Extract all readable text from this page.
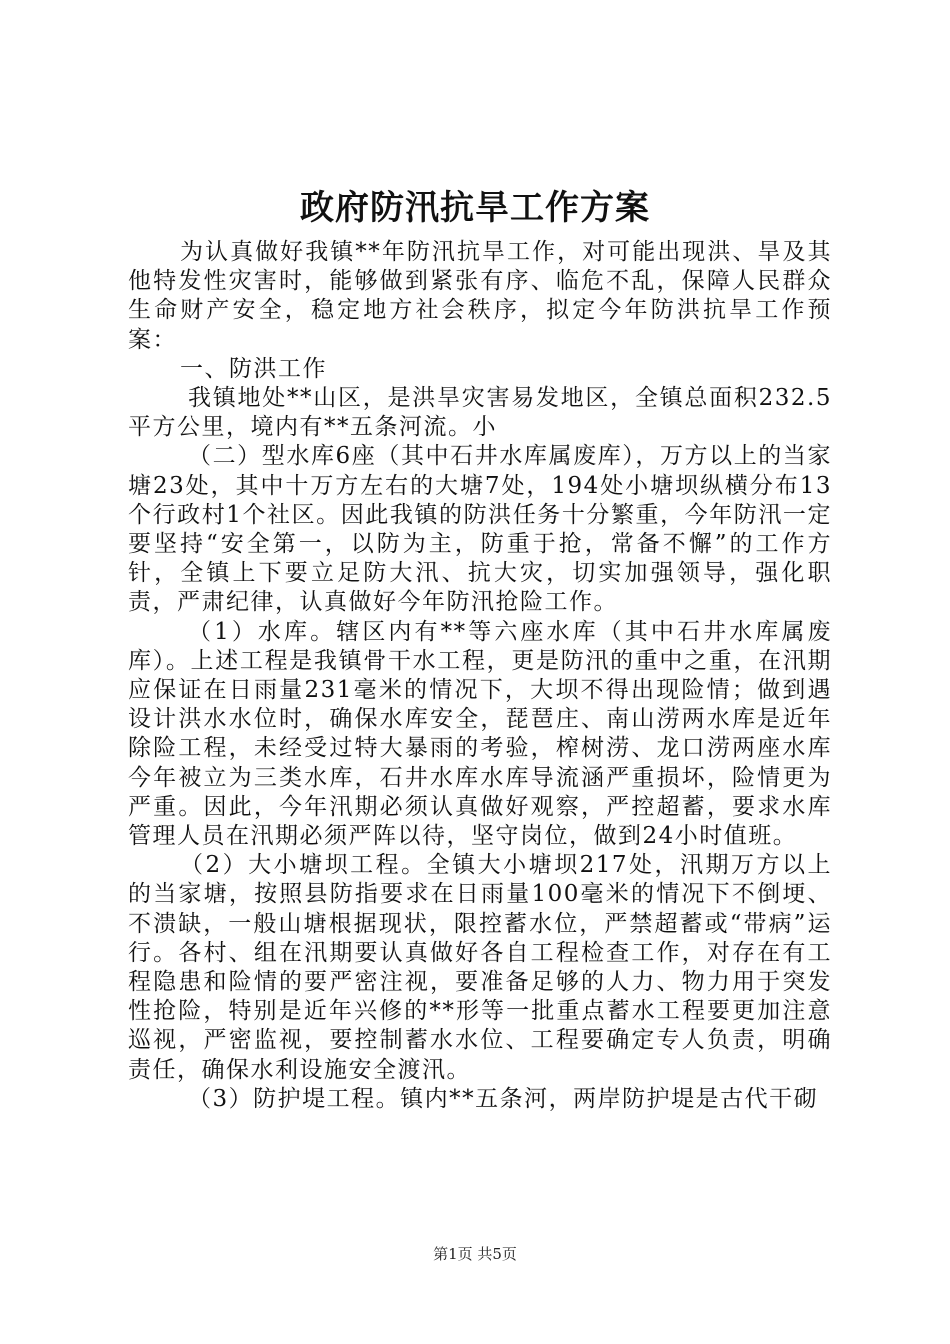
政府防汛抗旱工作方案

为认真做好我镇**年防汛抗旱工作，对可能出现洪、旱及其他特发性灾害时，能够做到紧张有序、临危不乱，保障人民群众生命财产安全，稳定地方社会秩序，拟定今年防洪抗旱工作预案：

一、防洪工作

我镇地处**山区，是洪旱灾害易发地区，全镇总面积232.5平方公里，境内有**五条河流。小

（二）型水库6座（其中石井水库属废库），万方以上的当家塘23处，其中十万方左右的大塘7处，194处小塘坝纵横分布13个行政村1个社区。因此我镇的防洪任务十分繁重，今年防汛一定要坚持“安全第一，以防为主，防重于抢，常备不懈”的工作方针，全镇上下要立足防大汛、抗大灾，切实加强领导，强化职责，严肃纪律，认真做好今年防汛抢险工作。

（1）水库。辖区内有**等六座水库（其中石井水库属废库）。上述工程是我镇骨干水工程，更是防汛的重中之重，在汛期应保证在日雨量231毫米的情况下，大坝不得出现险情；做到遇设计洪水水位时，确保水库安全，琵琶庄、南山涝两水库是近年除险工程，未经受过特大暴雨的考验，榨树涝、龙口涝两座水库今年被立为三类水库，石井水库水库导流涵严重损坏，险情更为严重。因此，今年汛期必须认真做好观察，严控超蓄，要求水库管理人员在汛期必须严阵以待，坚守岗位，做到24小时值班。

（2）大小塘坝工程。全镇大小塘坝217处，汛期万方以上的当家塘，按照县防指要求在日雨量100毫米的情况下不倒埂、不溃缺，一般山塘根据现状，限控蓄水位，严禁超蓄或“带病”运行。各村、组在汛期要认真做好各自工程检查工作，对存在有工程隐患和险情的要严密注视，要准备足够的人力、物力用于突发性抢险，特别是近年兴修的**形等一批重点蓄水工程要更加注意巡视，严密监视，要控制蓄水水位、工程要确定专人负责，明确责任，确保水利设施安全渡汛。

（3）防护堤工程。镇内**五条河，两岸防护堤是古代干砌

第1页 共5页
